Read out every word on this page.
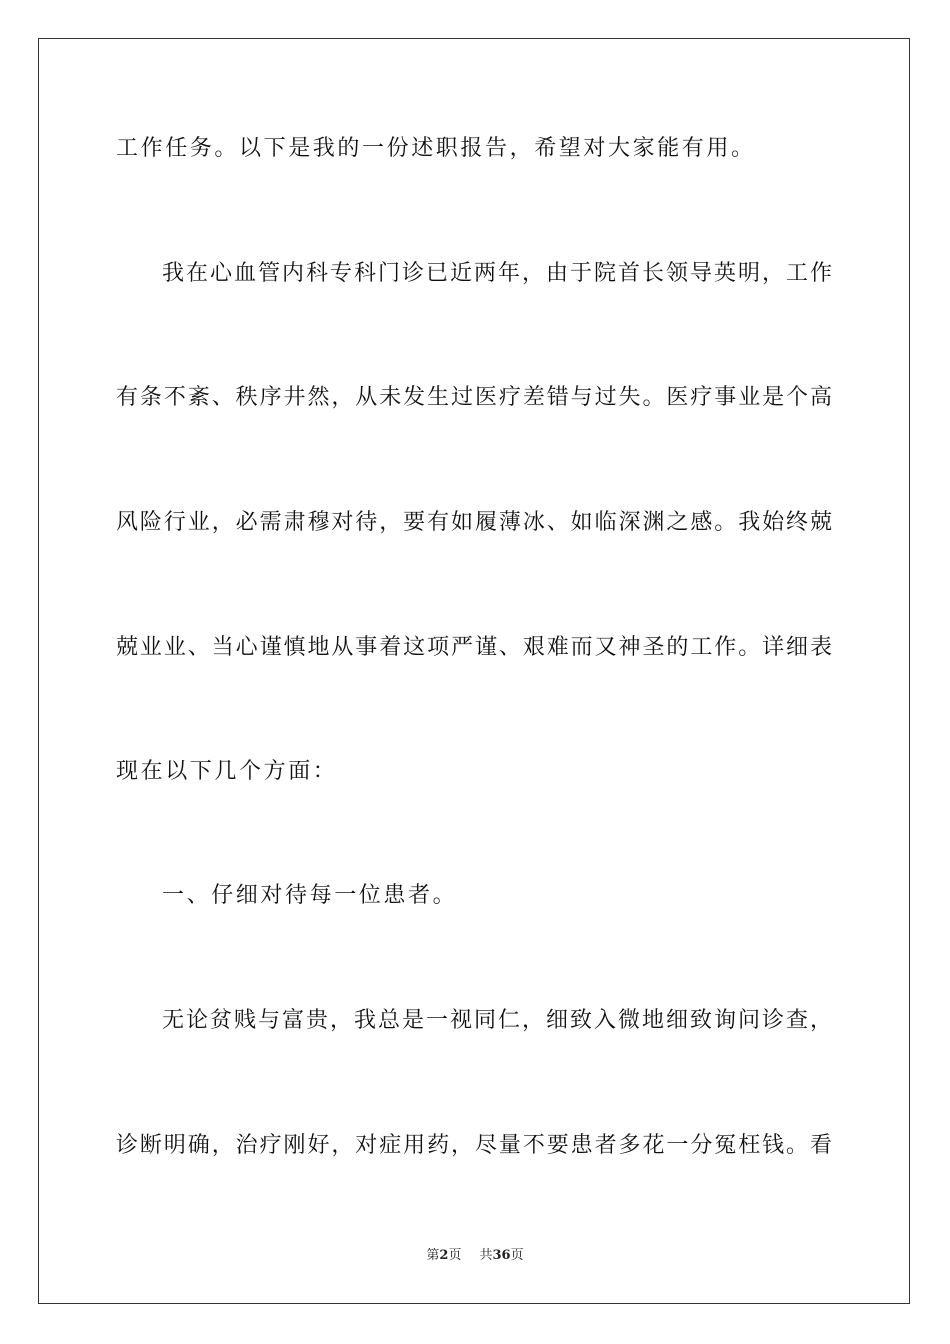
工作任务。以下是我的一份述职报告，希望对大家能有用。
我在心血管内科专科门诊已近两年，由于院首长领导英明，工作
有条不紊、秩序井然，从未发生过医疗差错与过失。医疗事业是个高
风险行业，必需肃穆对待，要有如履薄冰、如临深渊之感。我始终兢
兢业业、当心谨慎地从事着这项严谨、艰难而又神圣的工作。详细表
现在以下几个方面：
一、仔细对待每一位患者。
无论贫贱与富贵，我总是一视同仁，细致入微地细致询问诊查，
诊断明确，治疗刚好，对症用药，尽量不要患者多花一分冤枉钱。看
第2页 共36页
